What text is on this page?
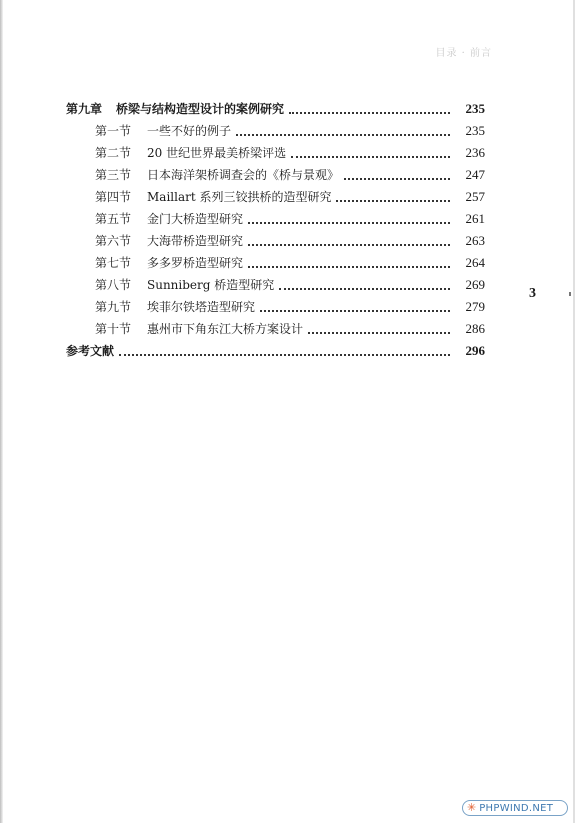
目录 · 前言
第九章 桥梁与结构造型设计的案例研究	235
第一节	一些不好的例子	235
第二节	20 世纪世界最美桥梁评选	236
第三节	日本海洋架桥调查会的《桥与景观》	247
第四节	Maillart 系列三铰拱桥的造型研究	257
第五节	金门大桥造型研究	261
第六节	大海带桥造型研究	263
第七节	多多罗桥造型研究	264
第八节	Sunniberg 桥造型研究	269
第九节	埃菲尔铁塔造型研究	279
第十节	惠州市下角东江大桥方案设计	286
参考文献	296
3
✳ PHPWIND.NET
